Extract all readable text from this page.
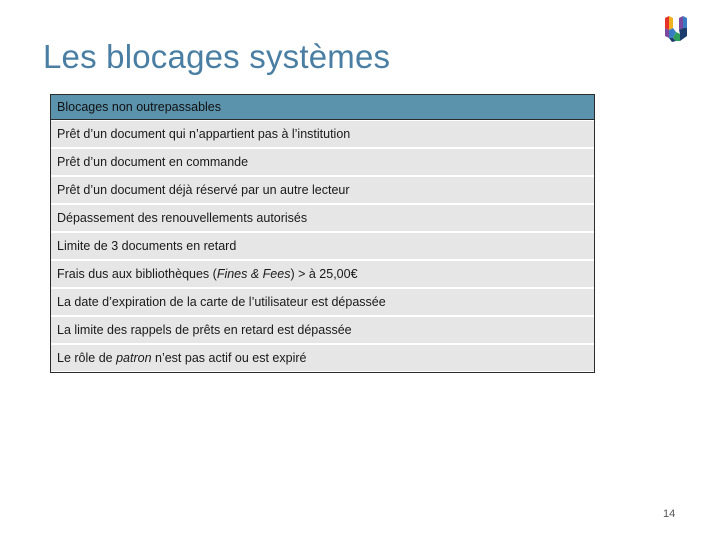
Les blocages systèmes
Blocages non outrepassables
Prêt d’un document qui n’appartient pas à l’institution
Prêt d’un document en commande
Prêt d’un document déjà réservé par un autre lecteur
Dépassement des renouvellements autorisés
Limite de 3 documents en retard
Frais dus aux bibliothèques (Fines & Fees) > à 25,00€
La date d’expiration de la carte de l’utilisateur est dépassée
La limite des rappels de prêts en retard est dépassée
Le rôle de patron n’est pas actif ou est expiré
14
